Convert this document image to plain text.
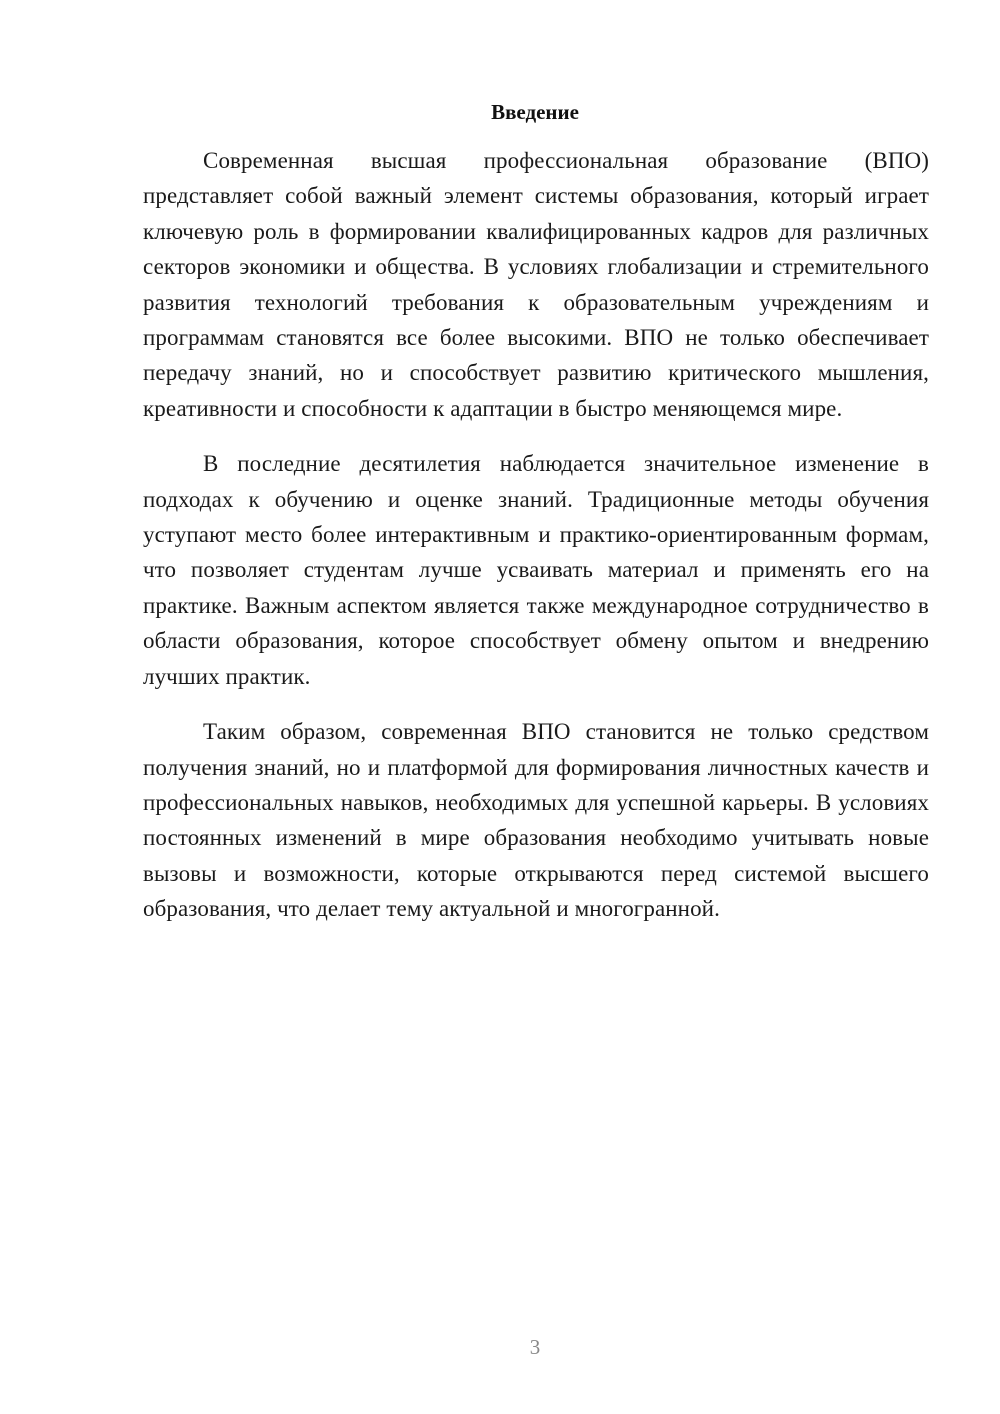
Введение

Современная высшая профессиональная образование (ВПО) представляет собой важный элемент системы образования, который играет ключевую роль в формировании квалифицированных кадров для различных секторов экономики и общества. В условиях глобализации и стремительного развития технологий требования к образовательным учреждениям и программам становятся все более высокими. ВПО не только обеспечивает передачу знаний, но и способствует развитию критического мышления, креативности и способности к адаптации в быстро меняющемся мире.

В последние десятилетия наблюдается значительное изменение в подходах к обучению и оценке знаний. Традиционные методы обучения уступают место более интерактивным и практико-ориентированным формам, что позволяет студентам лучше усваивать материал и применять его на практике. Важным аспектом является также международное сотрудничество в области образования, которое способствует обмену опытом и внедрению лучших практик.

Таким образом, современная ВПО становится не только средством получения знаний, но и платформой для формирования личностных качеств и профессиональных навыков, необходимых для успешной карьеры. В условиях постоянных изменений в мире образования необходимо учитывать новые вызовы и возможности, которые открываются перед системой высшего образования, что делает тему актуальной и многогранной.

3
